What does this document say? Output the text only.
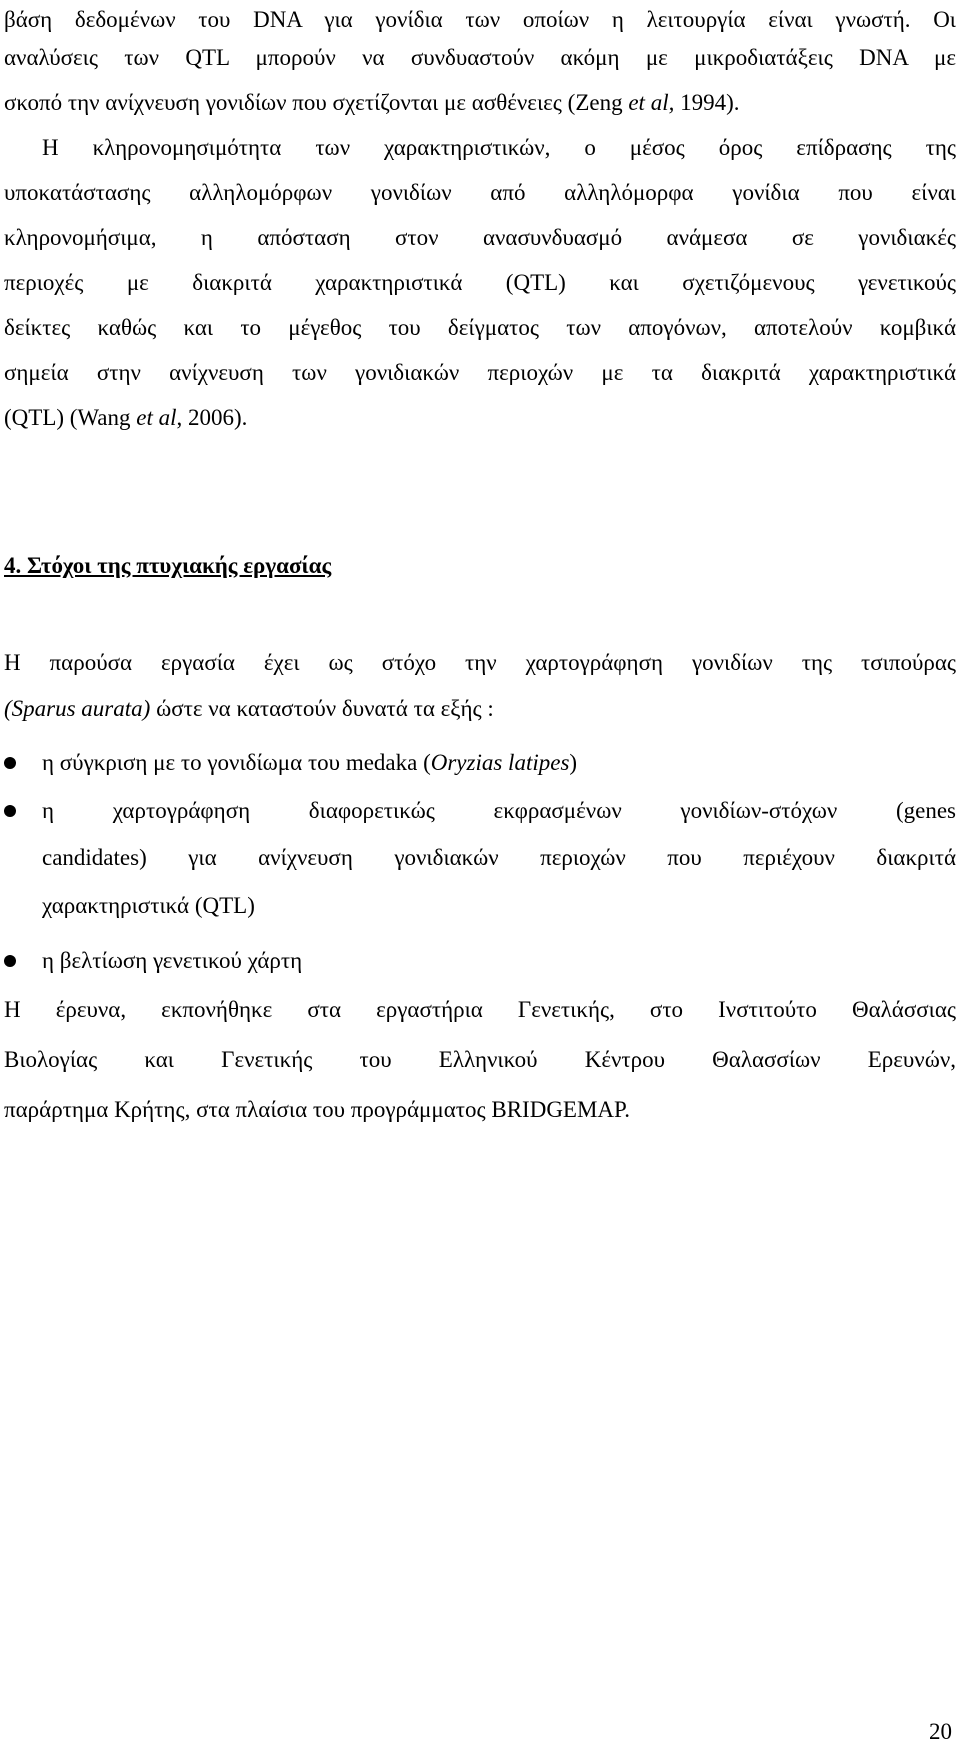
βάση δεδομένων του DNA για γονίδια των οποίων η λειτουργία είναι γνωστή. Οι
αναλύσεις των QTL μπορούν να συνδυαστούν ακόμη με μικροδιατάξεις DNA με
σκοπό την ανίχνευση γονιδίων που σχετίζονται με ασθένειες (Zeng et al, 1994).
Η κληρονομησιμότητα των χαρακτηριστικών, ο μέσος όρος επίδρασης της
υποκατάστασης αλληλομόρφων γονιδίων από αλληλόμορφα γονίδια που είναι
κληρονομήσιμα, η απόσταση στον ανασυνδυασμό ανάμεσα σε γονιδιακές
περιοχές με διακριτά χαρακτηριστικά (QTL) και σχετιζόμενους γενετικούς
δείκτες καθώς και το μέγεθος του δείγματος των απογόνων, αποτελούν κομβικά
σημεία στην ανίχνευση των γονιδιακών περιοχών με τα διακριτά χαρακτηριστικά
(QTL) (Wang et al, 2006).
4. Στόχοι της πτυχιακής εργασίας
Η παρούσα εργασία έχει ως στόχο την χαρτογράφηση γονιδίων της τσιπούρας
(Sparus aurata) ώστε να καταστούν δυνατά τα εξής :
η σύγκριση με το γονιδίωμα του medaka (Oryzias latipes)
η χαρτογράφηση διαφορετικώς εκφρασμένων γονιδίων-στόχων (genes
candidates) για ανίχνευση γονιδιακών περιοχών που περιέχουν διακριτά
χαρακτηριστικά (QTL)
η βελτίωση γενετικού χάρτη
Η έρευνα, εκπονήθηκε στα εργαστήρια Γενετικής, στο Ινστιτούτο Θαλάσσιας
Βιολογίας και Γενετικής του Ελληνικού Κέντρου Θαλασσίων Ερευνών,
παράρτημα Κρήτης, στα πλαίσια του προγράμματος BRIDGEMAP.
20
